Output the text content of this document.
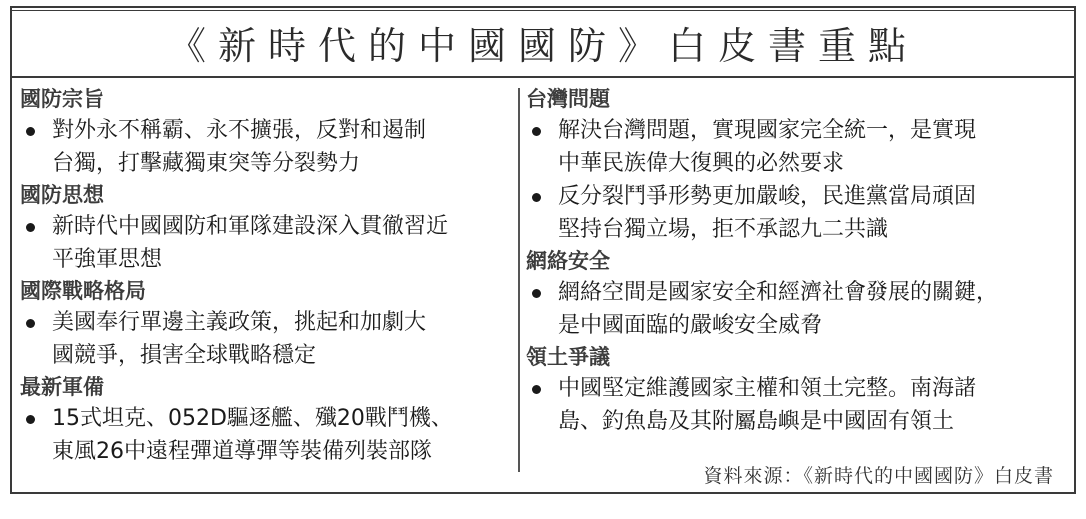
《新時代的中國國防》白皮書重點
國防宗旨
對外永不稱霸、永不擴張，反對和遏制
台獨，打擊藏獨東突等分裂勢力
國防思想
新時代中國國防和軍隊建設深入貫徹習近
平強軍思想
國際戰略格局
美國奉行單邊主義政策，挑起和加劇大
國競爭，損害全球戰略穩定
最新軍備
15式坦克、052D驅逐艦、殲20戰鬥機、
東風26中遠程彈道導彈等裝備列裝部隊
台灣問題
解決台灣問題，實現國家完全統一，是實現
中華民族偉大復興的必然要求
反分裂鬥爭形勢更加嚴峻，民進黨當局頑固
堅持台獨立場，拒不承認九二共識
網絡安全
網絡空間是國家安全和經濟社會發展的關鍵，
是中國面臨的嚴峻安全威脅
領土爭議
中國堅定維護國家主權和領土完整。南海諸
島、釣魚島及其附屬島嶼是中國固有領土
資料來源：《新時代的中國國防》白皮書
